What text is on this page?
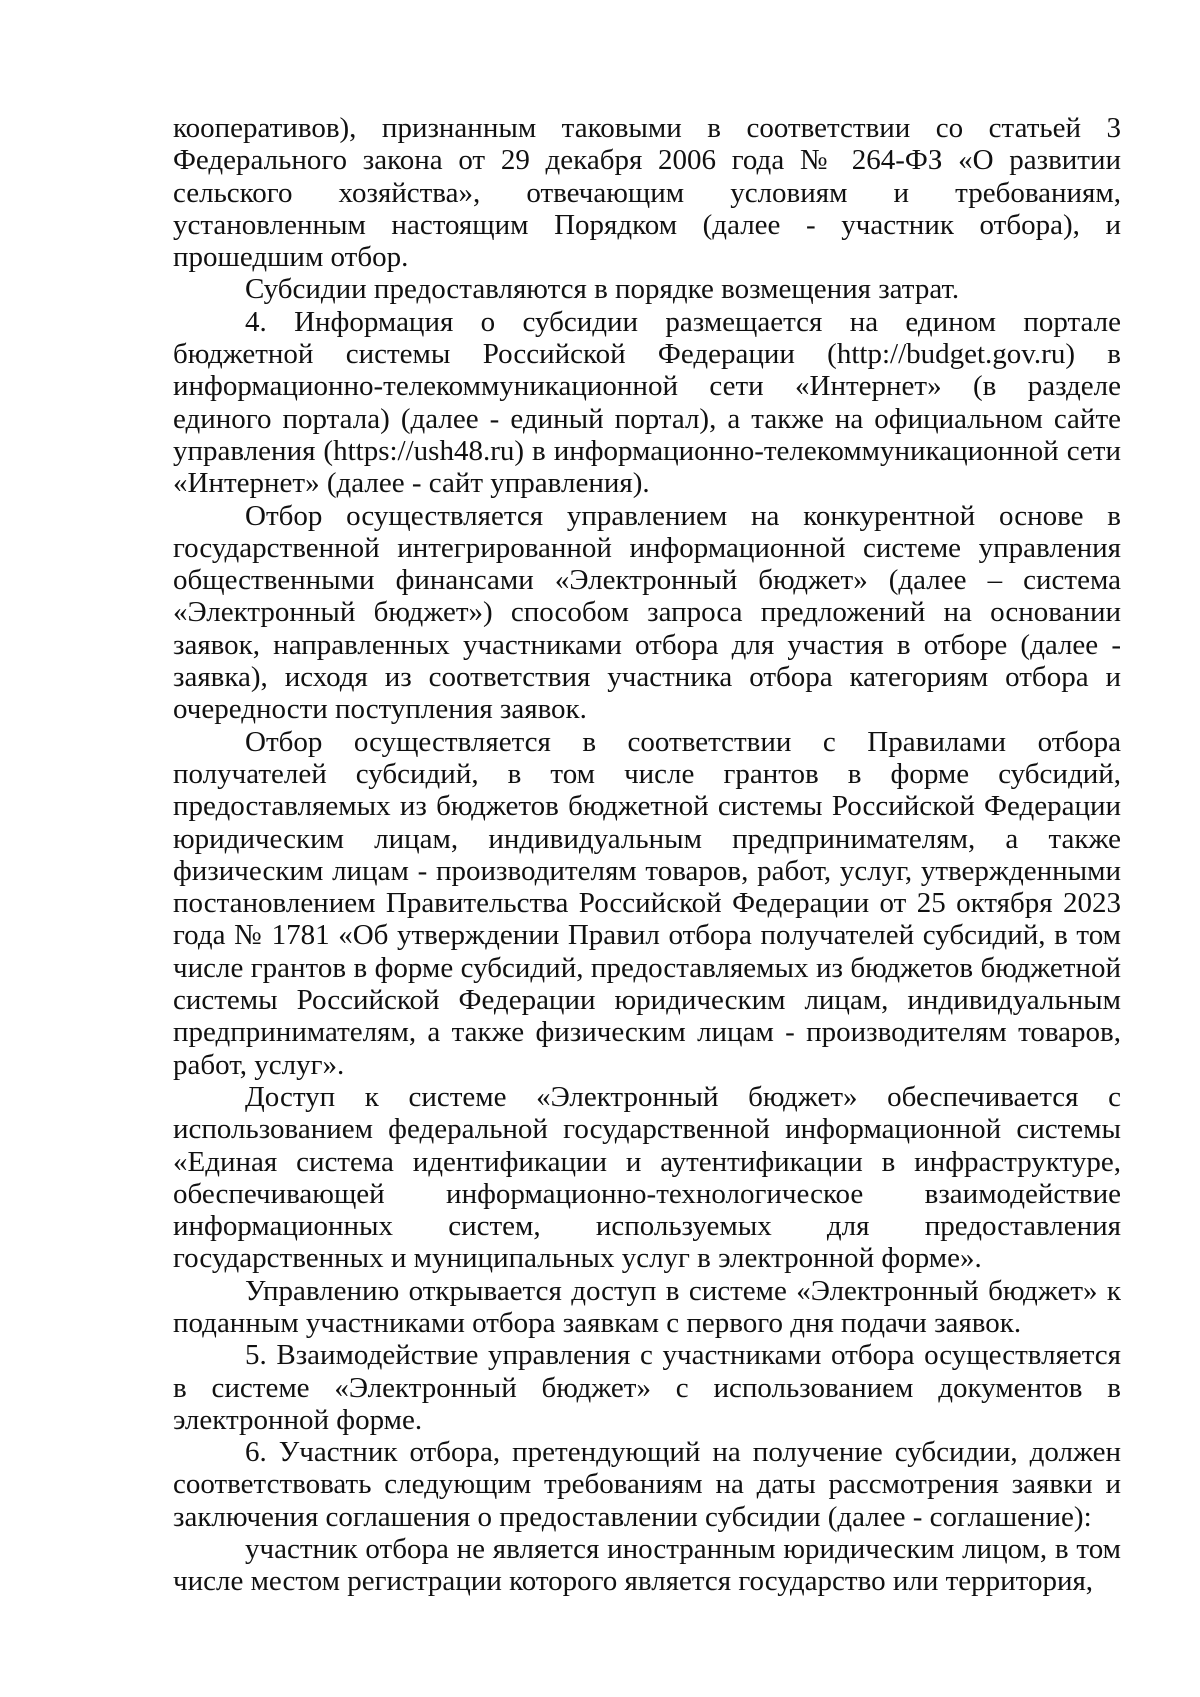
кооперативов), признанным таковыми в соответствии со статьей 3 Федерального закона от 29 декабря 2006 года № 264-ФЗ «О развитии сельского хозяйства», отвечающим условиям и требованиям, установленным настоящим Порядком (далее - участник отбора), и прошедшим отбор.

Субсидии предоставляются в порядке возмещения затрат.

4. Информация о субсидии размещается на едином портале бюджетной системы Российской Федерации (http://budget.gov.ru) в информационно-телекоммуникационной сети «Интернет» (в разделе единого портала) (далее - единый портал), а также на официальном сайте управления (https://ush48.ru) в информационно-телекоммуникационной сети «Интернет» (далее - сайт управления).

Отбор осуществляется управлением на конкурентной основе в государственной интегрированной информационной системе управления общественными финансами «Электронный бюджет» (далее – система «Электронный бюджет») способом запроса предложений на основании заявок, направленных участниками отбора для участия в отборе (далее - заявка), исходя из соответствия участника отбора категориям отбора и очередности поступления заявок.

Отбор осуществляется в соответствии с Правилами отбора получателей субсидий, в том числе грантов в форме субсидий, предоставляемых из бюджетов бюджетной системы Российской Федерации юридическим лицам, индивидуальным предпринимателям, а также физическим лицам - производителям товаров, работ, услуг, утвержденными постановлением Правительства Российской Федерации от 25 октября 2023 года № 1781 «Об утверждении Правил отбора получателей субсидий, в том числе грантов в форме субсидий, предоставляемых из бюджетов бюджетной системы Российской Федерации юридическим лицам, индивидуальным предпринимателям, а также физическим лицам - производителям товаров, работ, услуг».

Доступ к системе «Электронный бюджет» обеспечивается с использованием федеральной государственной информационной системы «Единая система идентификации и аутентификации в инфраструктуре, обеспечивающей информационно-технологическое взаимодействие информационных систем, используемых для предоставления государственных и муниципальных услуг в электронной форме».

Управлению открывается доступ в системе «Электронный бюджет» к поданным участниками отбора заявкам с первого дня подачи заявок.

5. Взаимодействие управления с участниками отбора осуществляется в системе «Электронный бюджет» с использованием документов в электронной форме.

6. Участник отбора, претендующий на получение субсидии, должен соответствовать следующим требованиям на даты рассмотрения заявки и заключения соглашения о предоставлении субсидии (далее - соглашение):

участник отбора не является иностранным юридическим лицом, в том числе местом регистрации которого является государство или территория,
